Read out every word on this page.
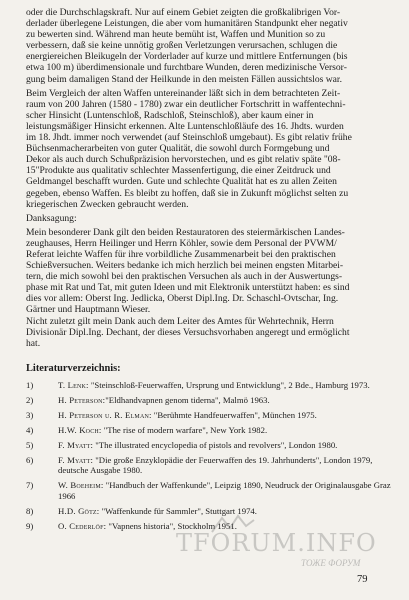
oder die Durchschlagskraft. Nur auf einem Gebiet zeigten die großkalibrigen Vor-
derlader überlegene Leistungen, die aber vom humanitären Standpunkt eher negativ
zu bewerten sind. Während man heute bemüht ist, Waffen und Munition so zu
verbessern, daß sie keine unnötig großen Verletzungen verursachen, schlugen die
energiereichen Bleikugeln der Vorderlader auf kurze und mittlere Entfernungen (bis
etwa 100 m) überdimensionale und furchtbare Wunden, deren medizinische Versor-
gung beim damaligen Stand der Heilkunde in den meisten Fällen aussichtslos war.

Beim Vergleich der alten Waffen untereinander läßt sich in dem betrachteten Zeit-
raum von 200 Jahren (1580 - 1780) zwar ein deutlicher Fortschritt in waffentechni-
scher Hinsicht (Luntenschloß, Radschloß, Steinschloß), aber kaum einer in
leistungsmäßiger Hinsicht erkennen. Alte Luntenschloßläufe des 16. Jhdts. wurden
im 18. Jhdt. immer noch verwendet (auf Steinschloß umgebaut). Es gibt relativ frühe
Büchsenmacherarbeiten von guter Qualität, die sowohl durch Formgebung und
Dekor als auch durch Schußpräzision hervorstechen, und es gibt relativ späte "08-
15"Produkte aus qualitativ schlechter Massenfertigung, die einer Zeitdruck und
Geldmangel beschafft wurden. Gute und schlechte Qualität hat es zu allen Zeiten
gegeben, ebenso Waffen. Es bleibt zu hoffen, daß sie in Zukunft möglichst selten zu
kriegerischen Zwecken gebraucht werden.

Danksagung:

Mein besonderer Dank gilt den beiden Restauratoren des steiermärkischen Landes-
zeughauses, Herrn Heilinger und Herrn Köhler, sowie dem Personal der PVWM/
Referat leichte Waffen für ihre vorbildliche Zusammenarbeit bei den praktischen
Schießversuchen. Weiters bedanke ich mich herzlich bei meinen engsten Mitarbei-
tern, die mich sowohl bei den praktischen Versuchen als auch in der Auswertungs-
phase mit Rat und Tat, mit guten Ideen und mit Elektronik unterstützt haben: es sind
dies vor allem: Oberst Ing. Jedlicka, Oberst Dipl.Ing. Dr. Schaschl-Ovtschar, Ing.
Gärtner und Hauptmann Wieser.
Nicht zuletzt gilt mein Dank auch dem Leiter des Amtes für Wehrtechnik, Herrn
Divisionär Dipl.Ing. Dechant, der dieses Versuchsvorhaben angeregt und ermöglicht
hat.

Literaturverzeichnis:
1)	T. Lenk: "Steinschloß-Feuerwaffen, Ursprung und Entwicklung", 2 Bde., Hamburg 1973.
2)	H. Peterson:"Eldhandvapnen genom tiderna", Malmö 1963.
3)	H. Peterson u. R. Elman: "Berühmte Handfeuerwaffen", München 1975.
4)	H.W. Koch: "The rise of modern warfare", New York 1982.
5)	F. Myatt: "The illustrated encyclopedia of pistols and revolvers", London 1980.
6)	F. Myatt: "Die große Enzyklopädie der Feuerwaffen des 19. Jahrhunderts", London 1979, deutsche Ausgabe 1980.
7)	W. Boeheim: "Handbuch der Waffenkunde", Leipzig 1890, Neudruck der Originalausgabe Graz 1966
8)	H.D. Götz: "Waffenkunde für Sammler", Stuttgart 1974.
9)	O. Cederlöf: "Vapnens historia", Stockholm 1951.
TFORUM.INFO
ТОЖЕ ФОРУМ
79
